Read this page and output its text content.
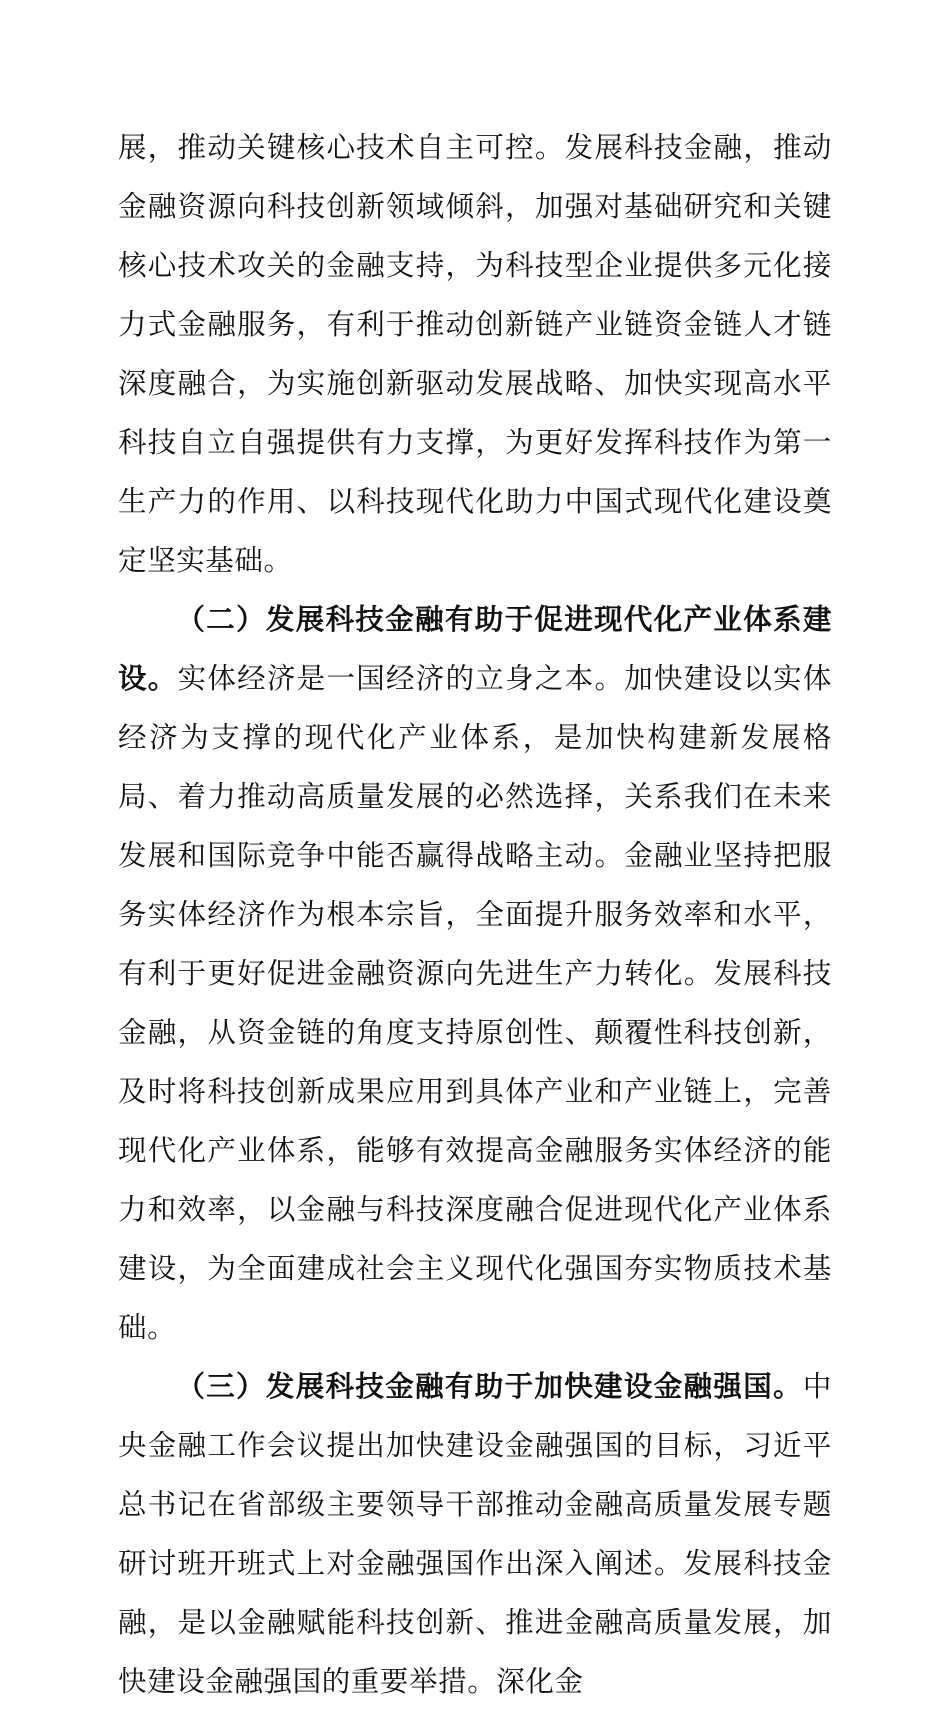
展，推动关键核心技术自主可控。发展科技金融，推动金融资源向科技创新领域倾斜，加强对基础研究和关键核心技术攻关的金融支持，为科技型企业提供多元化接力式金融服务，有利于推动创新链产业链资金链人才链深度融合，为实施创新驱动发展战略、加快实现高水平科技自立自强提供有力支撑，为更好发挥科技作为第一生产力的作用、以科技现代化助力中国式现代化建设奠定坚实基础。

（二）发展科技金融有助于促进现代化产业体系建设。实体经济是一国经济的立身之本。加快建设以实体经济为支撑的现代化产业体系，是加快构建新发展格局、着力推动高质量发展的必然选择，关系我们在未来发展和国际竞争中能否赢得战略主动。金融业坚持把服务实体经济作为根本宗旨，全面提升服务效率和水平，有利于更好促进金融资源向先进生产力转化。发展科技金融，从资金链的角度支持原创性、颠覆性科技创新，及时将科技创新成果应用到具体产业和产业链上，完善现代化产业体系，能够有效提高金融服务实体经济的能力和效率，以金融与科技深度融合促进现代化产业体系建设，为全面建成社会主义现代化强国夯实物质技术基础。

（三）发展科技金融有助于加快建设金融强国。中央金融工作会议提出加快建设金融强国的目标，习近平总书记在省部级主要领导干部推动金融高质量发展专题研讨班开班式上对金融强国作出深入阐述。发展科技金融，是以金融赋能科技创新、推进金融高质量发展，加快建设金融强国的重要举措。深化金
